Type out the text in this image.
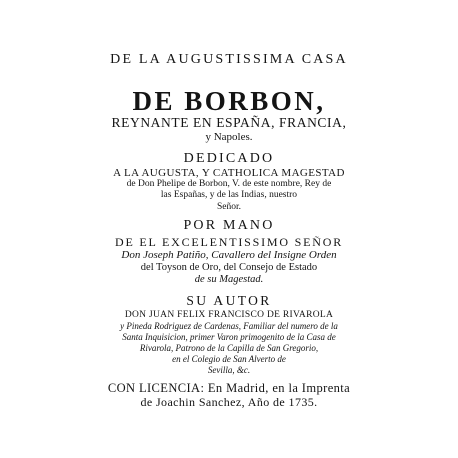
DE LA AUGUSTISSIMA CASA
DE BORBON,
REYNANTE EN ESPAÑA, FRANCIA,
y Napoles.
DEDICADO
A LA AUGUSTA, Y CATHOLICA MAGESTAD
de Don Phelipe de Borbon, V. de este nombre, Rey de
las Españas, y de las Indias, nuestro
Señor.
POR MANO
DE EL EXCELENTISSIMO SEÑOR
Don Joseph Patiño, Cavallero del Insigne Orden
del Toyson de Oro, del Consejo de Estado
de su Magestad.
SU AUTOR
DON JUAN FELIX FRANCISCO DE RIVAROLA
y Pineda Rodriguez de Cardenas, Familiar del numero de la
Santa Inquisicion, primer Varon primogenito de la Casa de
Rivarola, Patrono de la Capilla de San Gregorio,
en el Colegio de San Alverto de
Sevilla, &c.
CON LICENCIA: En Madrid, en la Imprenta
de Joachin Sanchez, Año de 1735.
